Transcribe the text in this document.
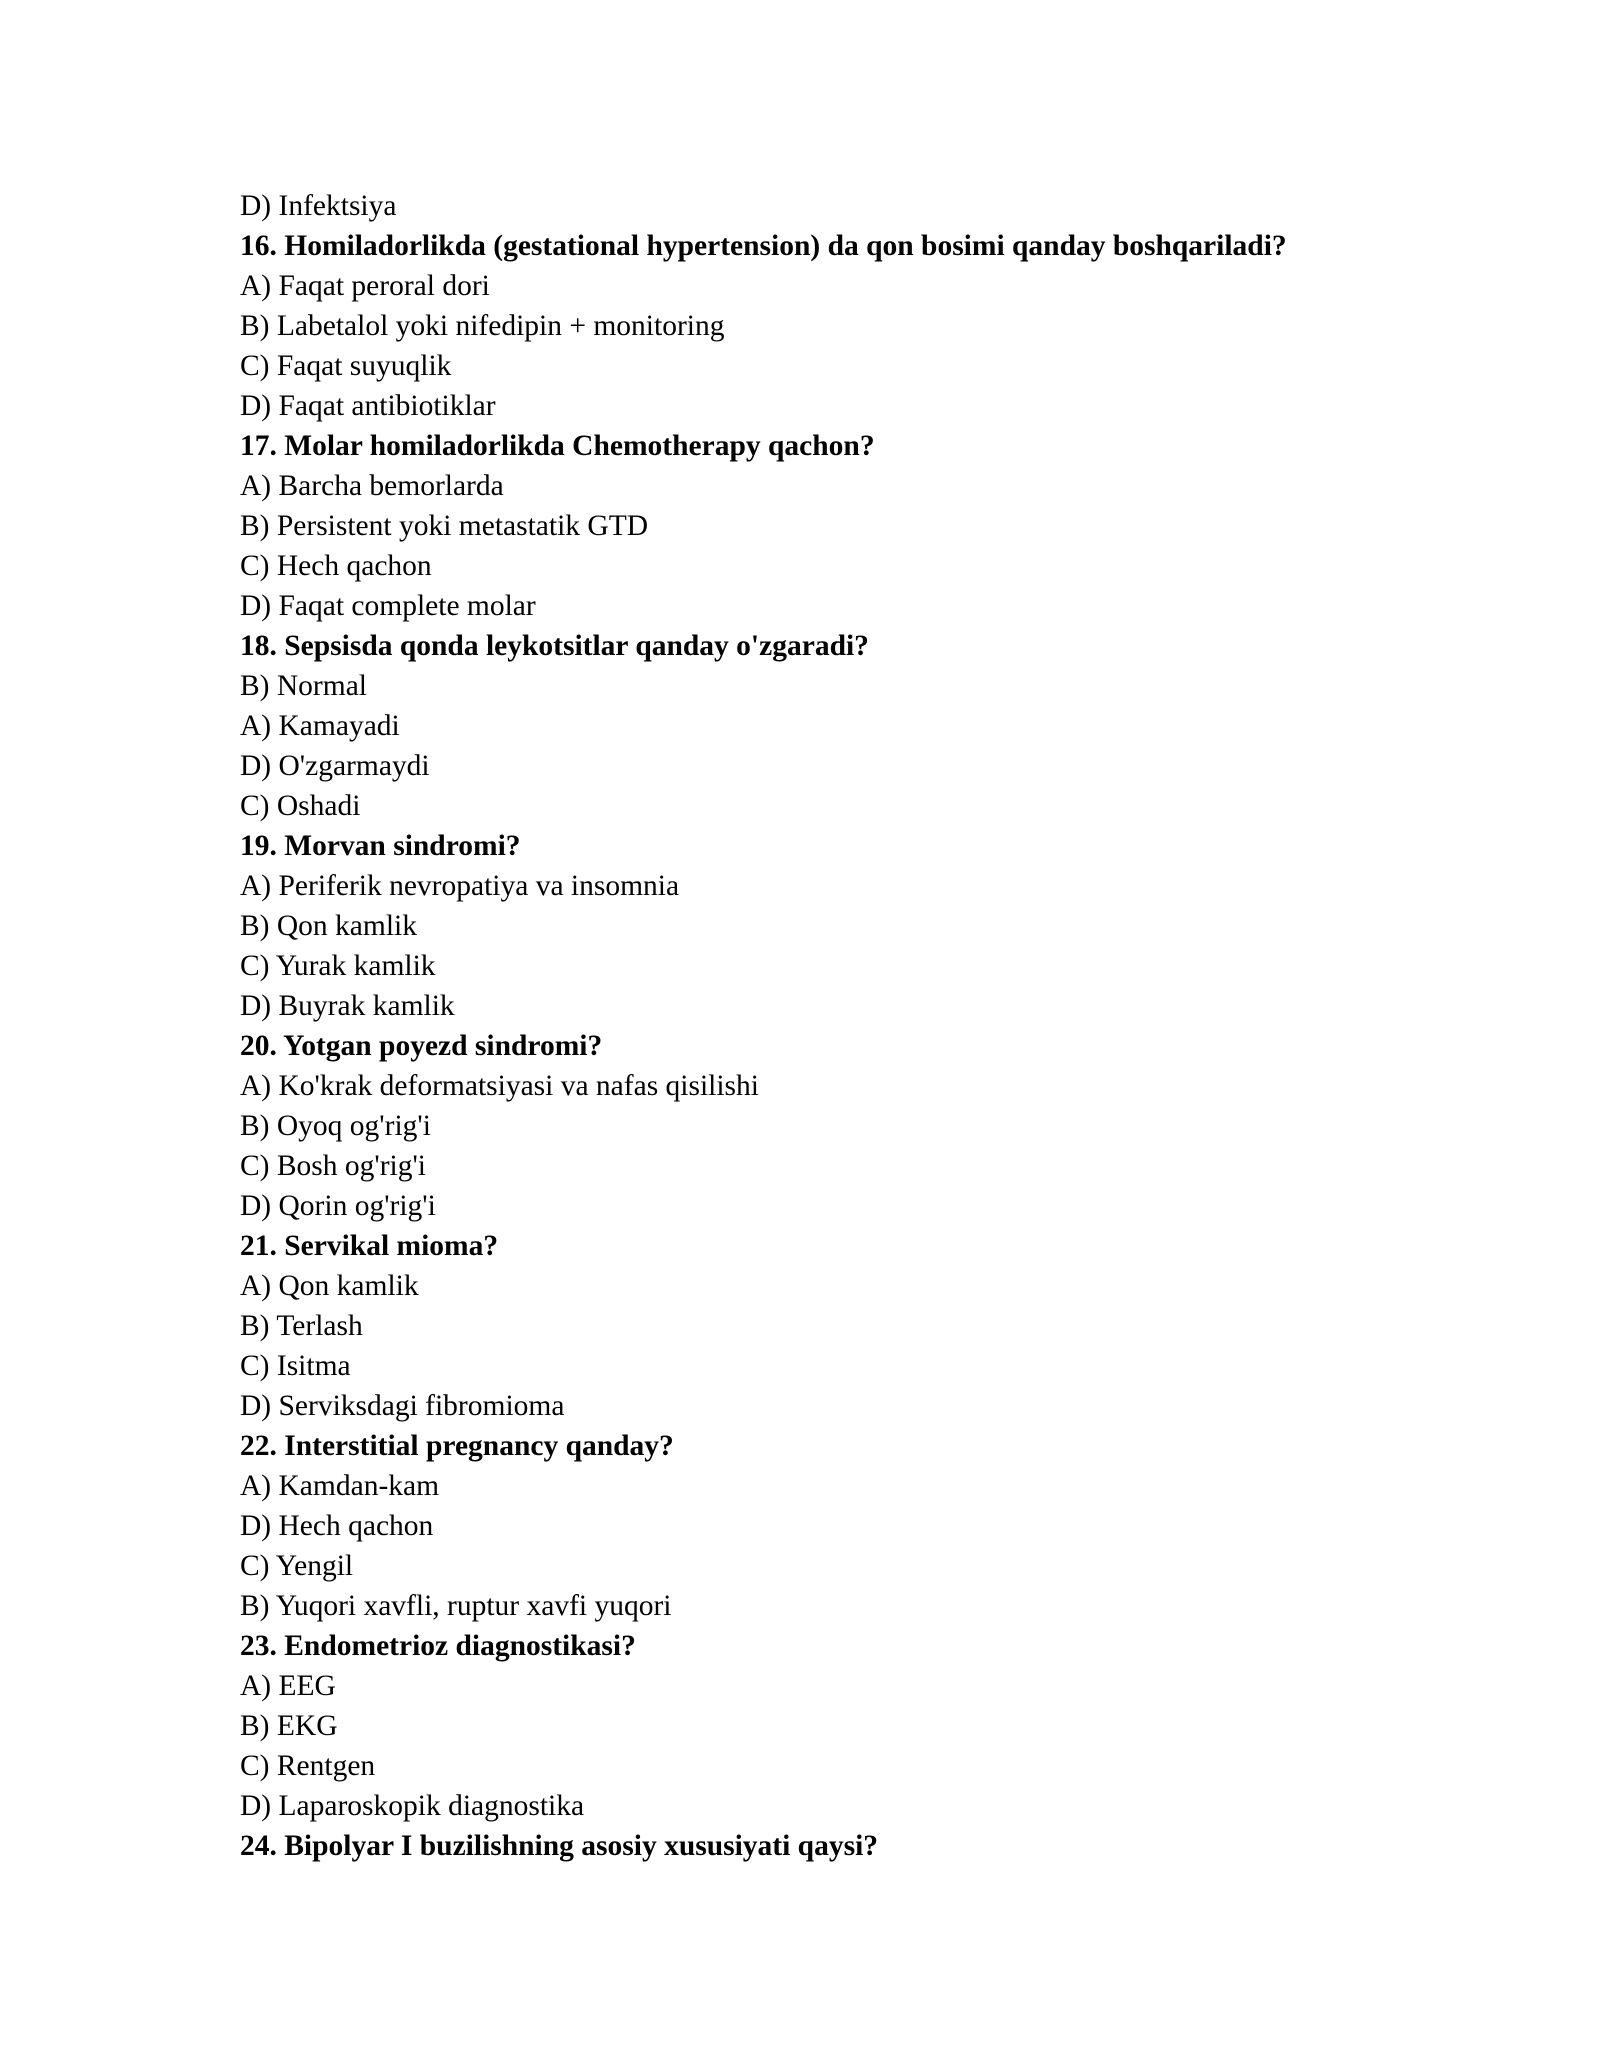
D) Infektsiya
16. Homiladorlikda (gestational hypertension) da qon bosimi qanday boshqariladi?
A) Faqat peroral dori
B) Labetalol yoki nifedipin + monitoring
C) Faqat suyuqlik
D) Faqat antibiotiklar
17. Molar homiladorlikda Chemotherapy qachon?
A) Barcha bemorlarda
B) Persistent yoki metastatik GTD
C) Hech qachon
D) Faqat complete molar
18. Sepsisda qonda leykotsitlar qanday o'zgaradi?
B) Normal
A) Kamayadi
D) O'zgarmaydi
C) Oshadi
19. Morvan sindromi?
A) Periferik nevropatiya va insomnia
B) Qon kamlik
C) Yurak kamlik
D) Buyrak kamlik
20. Yotgan poyezd sindromi?
A) Ko'krak deformatsiyasi va nafas qisilishi
B) Oyoq og'rig'i
C) Bosh og'rig'i
D) Qorin og'rig'i
21. Servikal mioma?
A) Qon kamlik
B) Terlash
C) Isitma
D) Serviksdagi fibromioma
22. Interstitial pregnancy qanday?
A) Kamdan-kam
D) Hech qachon
C) Yengil
B) Yuqori xavfli, ruptur xavfi yuqori
23. Endometrioz diagnostikasi?
A) EEG
B) EKG
C) Rentgen
D) Laparoskopik diagnostika
24. Bipolyar I buzilishning asosiy xususiyati qaysi?
